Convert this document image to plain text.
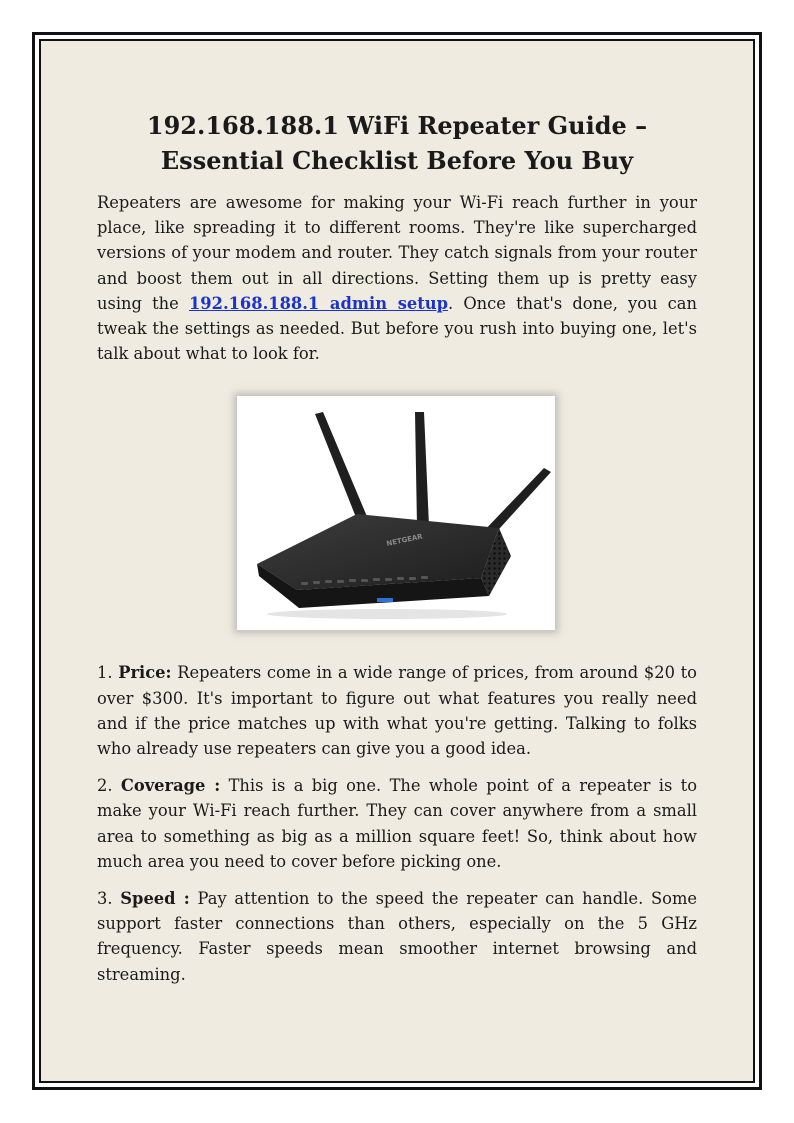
192.168.188.1 WiFi Repeater Guide – Essential Checklist Before You Buy

Repeaters are awesome for making your Wi-Fi reach further in your place, like spreading it to different rooms. They're like supercharged versions of your modem and router. They catch signals from your router and boost them out in all directions. Setting them up is pretty easy using the 192.168.188.1 admin setup. Once that's done, you can tweak the settings as needed. But before you rush into buying one, let's talk about what to look for.

NETGEAR

1. Price: Repeaters come in a wide range of prices, from around $20 to over $300. It's important to figure out what features you really need and if the price matches up with what you're getting. Talking to folks who already use repeaters can give you a good idea.

2. Coverage : This is a big one. The whole point of a repeater is to make your Wi-Fi reach further. They can cover anywhere from a small area to something as big as a million square feet! So, think about how much area you need to cover before picking one.

3. Speed : Pay attention to the speed the repeater can handle. Some support faster connections than others, especially on the 5 GHz frequency. Faster speeds mean smoother internet browsing and streaming.
